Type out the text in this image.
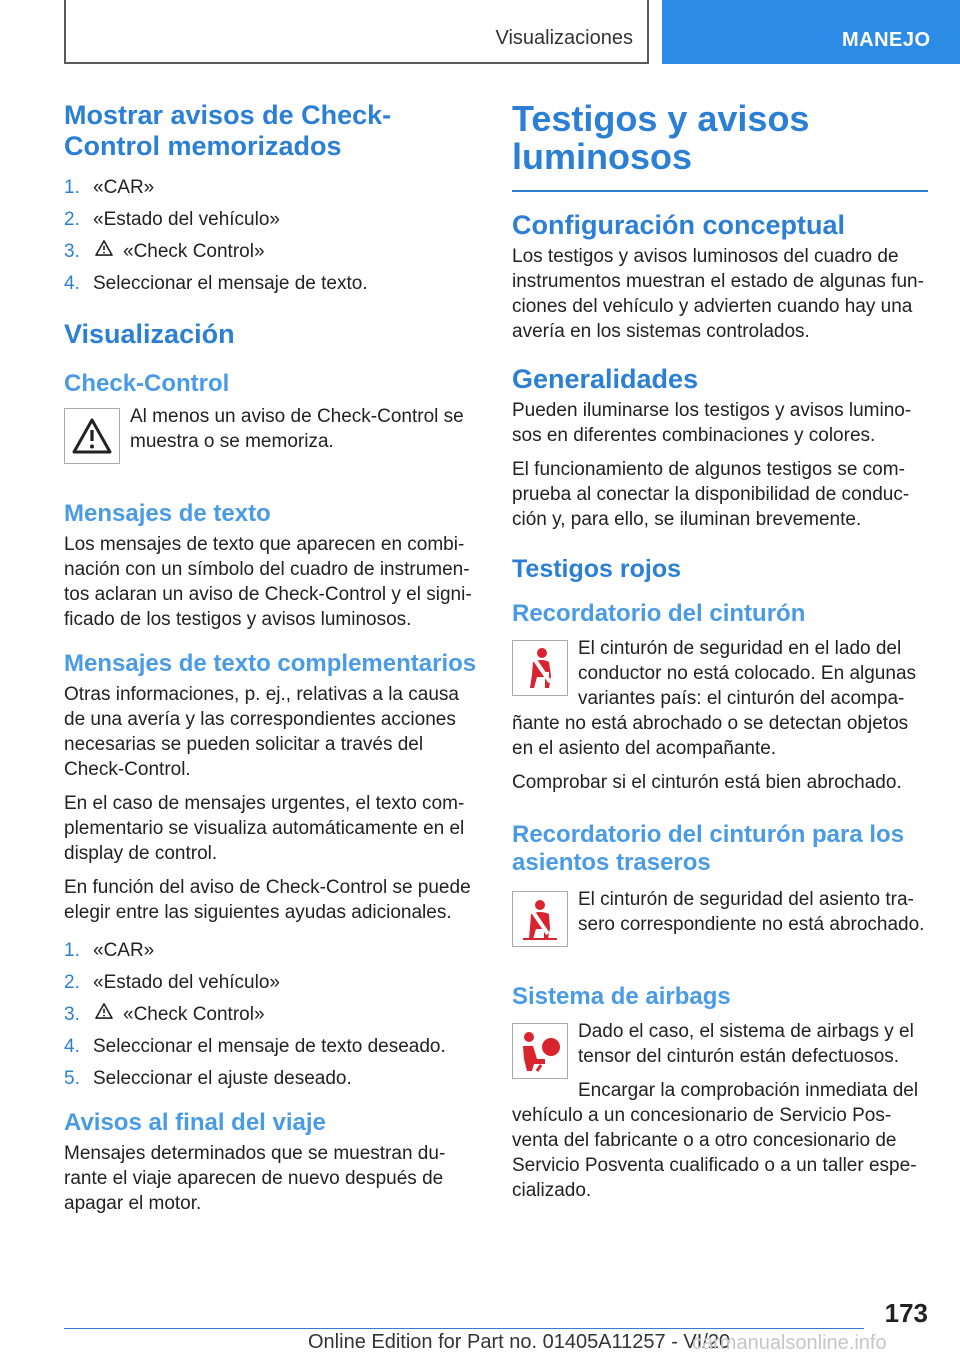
Visualizaciones	MANEJO
Mostrar avisos de Check-Control memorizados
1. «CAR»
2. «Estado del vehículo»
3.	«Check Control»
4. Seleccionar el mensaje de texto.
Visualización
Check-Control

Al menos un aviso de Check-Control se muestra o se memoriza.

Mensajes de texto

Los mensajes de texto que aparecen en combinación con un símbolo del cuadro de instrumentos aclaran un aviso de Check-Control y el significado de los testigos y avisos luminosos.

Mensajes de texto complementarios

Otras informaciones, p. ej., relativas a la causa de una avería y las correspondientes acciones necesarias se pueden solicitar a través del Check-Control.

En el caso de mensajes urgentes, el texto complementario se visualiza automáticamente en el display de control.

En función del aviso de Check-Control se puede elegir entre las siguientes ayudas adicionales.

1. «CAR»
2. «Estado del vehículo»
3.	«Check Control»
4. Seleccionar el mensaje de texto deseado.
5. Seleccionar el ajuste deseado.
Avisos al final del viaje

Mensajes determinados que se muestran durante el viaje aparecen de nuevo después de apagar el motor.

Testigos y avisos luminosos
Configuración conceptual

Los testigos y avisos luminosos del cuadro de instrumentos muestran el estado de algunas funciones del vehículo y advierten cuando hay una avería en los sistemas controlados.

Generalidades

Pueden iluminarse los testigos y avisos luminosos en diferentes combinaciones y colores.

El funcionamiento de algunos testigos se comprueba al conectar la disponibilidad de conducción y, para ello, se iluminan brevemente.

Testigos rojos
Recordatorio del cinturón

El cinturón de seguridad en el lado del conductor no está colocado. En algunas variantes país: el cinturón del acompañante no está abrochado o se detectan objetos en el asiento del acompañante.

Comprobar si el cinturón está bien abrochado.

Recordatorio del cinturón para los asientos traseros

El cinturón de seguridad del asiento trasero correspondiente no está abrochado.

Sistema de airbags

Dado el caso, el sistema de airbags y el tensor del cinturón están defectuosos.

Encargar la comprobación inmediata del vehículo a un concesionario de Servicio Posventa del fabricante o a otro concesionario de Servicio Posventa cualificado o a un taller especializado.

173
Online Edition for Part no. 01405A11257 - VI/20
carmanualsonline.info
